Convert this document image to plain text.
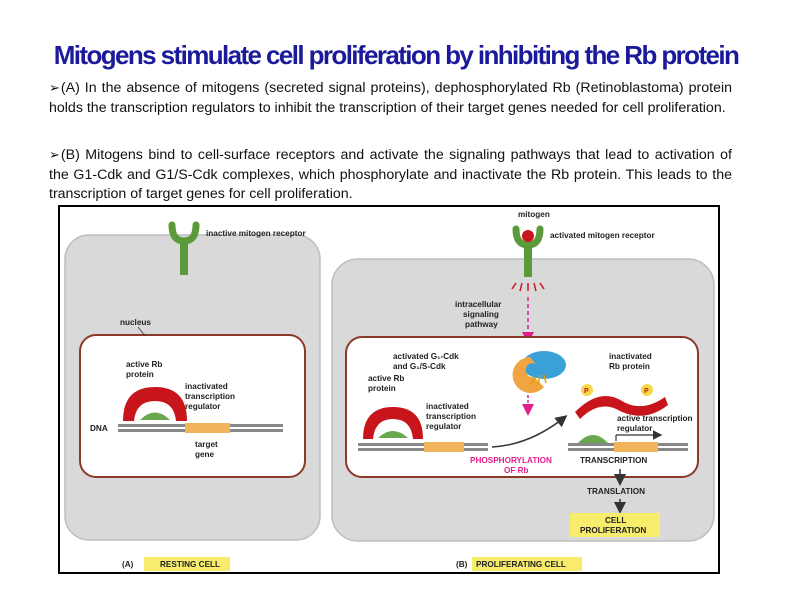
Mitogens stimulate cell proliferation by inhibiting the Rb protein
➢(A) In the absence of mitogens (secreted signal proteins), dephosphorylated Rb (Retinoblastoma) protein holds the transcription regulators to inhibit the transcription of their target genes needed for cell proliferation.
➢(B) Mitogens bind to cell-surface receptors and activate the signaling pathways that lead to activation of the G1-Cdk and G1/S-Cdk complexes, which phosphorylate and inactivate the Rb protein. This leads to the transcription of target genes for cell proliferation.
inactive mitogen receptor
nucleus
active Rb
protein
inactivated
transcription
regulator
DNA
target
gene
(A)	RESTING CELL
mitogen
activated mitogen receptor
intracellular
signaling
pathway
activated G₁-Cdk
and G₁/S-Cdk
active Rb
protein
inactivated
transcription
regulator
PHOSPHORYLATION
OF Rb
inactivated
Rb protein
P	P
active transcription
regulator
TRANSCRIPTION
TRANSLATION
CELL
PROLIFERATION
(B) PROLIFERATING CELL
